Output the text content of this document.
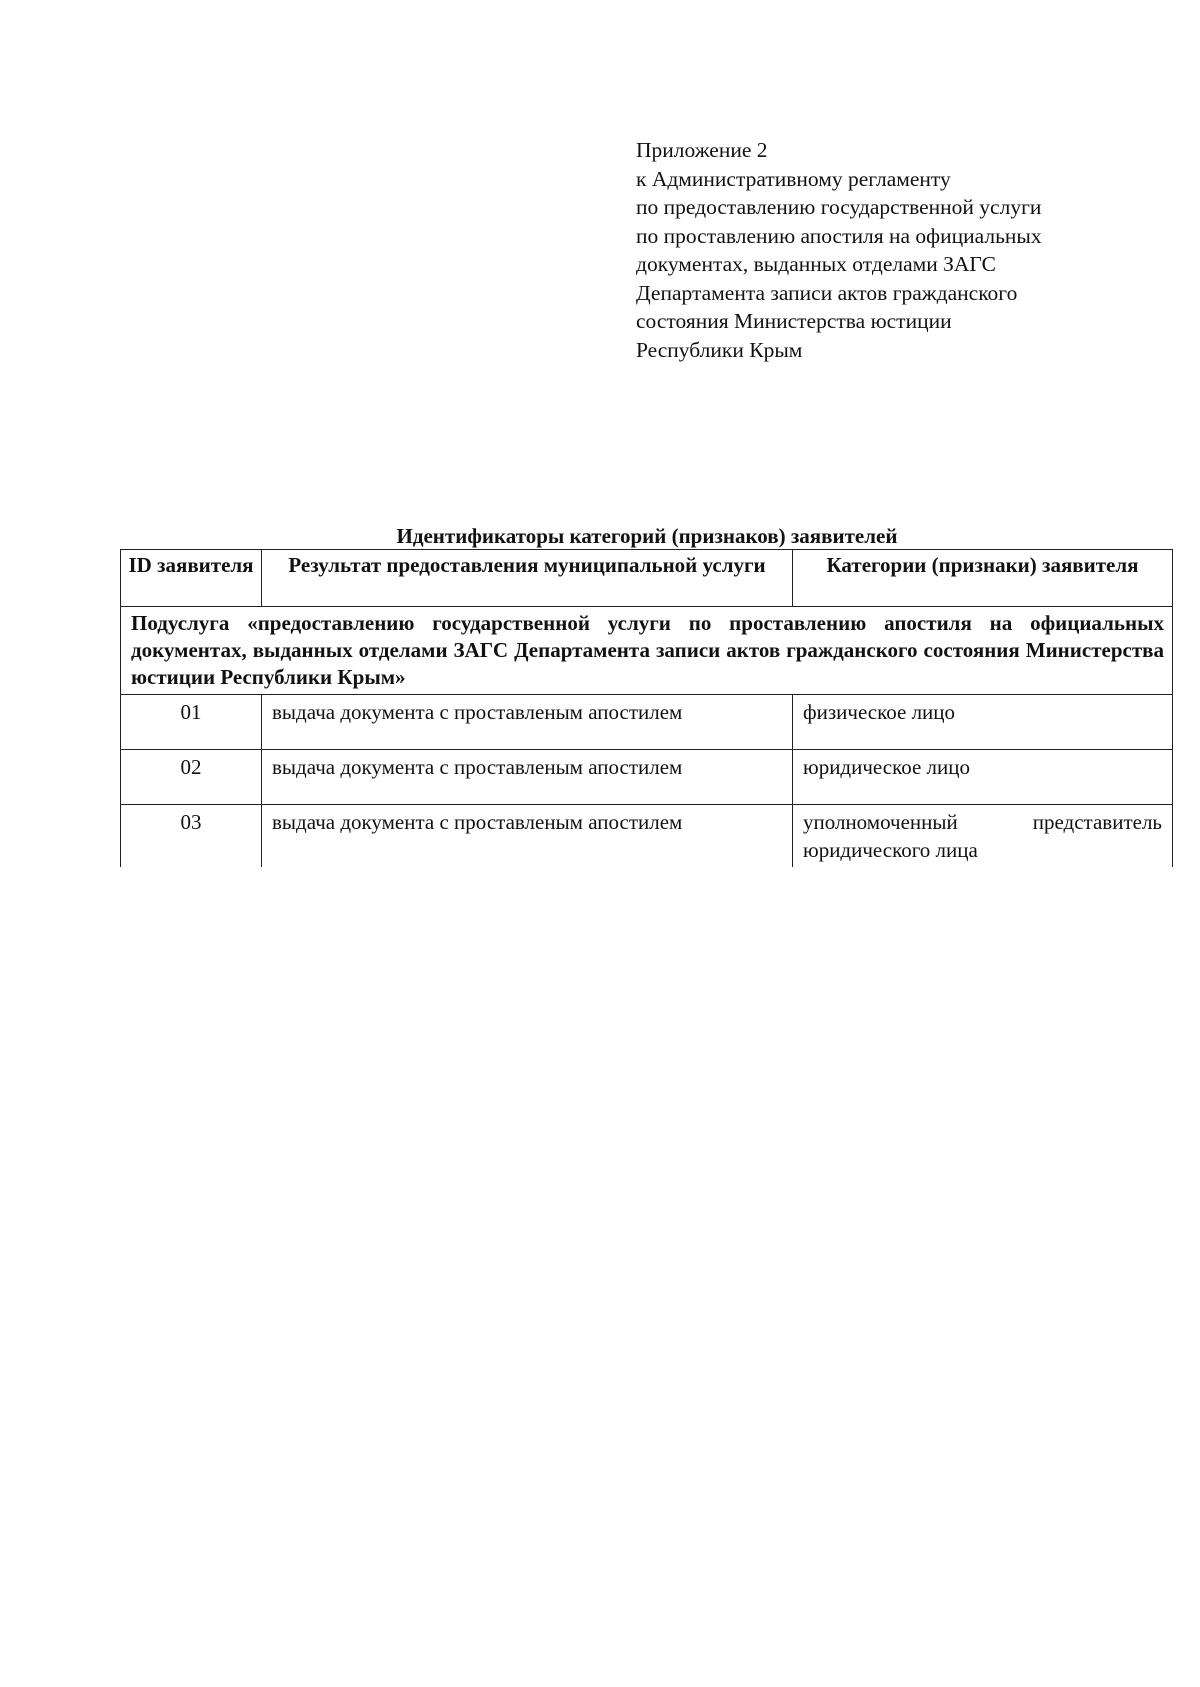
Приложение 2
к Административному регламенту
по предоставлению государственной услуги
по проставлению апостиля на официальных
документах, выданных отделами ЗАГС
Департамента записи актов гражданского
состояния Министерства юстиции
Республики Крым
Идентификаторы категорий (признаков) заявителей
ID заявителя	Результат предоставления муниципальной услуги	Категории (признаки) заявителя

Подуслуга «предоставлению государственной услуги по проставлению апостиля на официальных документах, выданных отделами ЗАГС Департамента записи актов гражданского состояния Министерства юстиции Республики Крым»		

01	выдача документа с проставленым апостилем	физическое лицо
02	выдача документа с проставленым апостилем	юридическое лицо
03	выдача документа с проставленым апостилем	уполномоченный представитель юридического лица
